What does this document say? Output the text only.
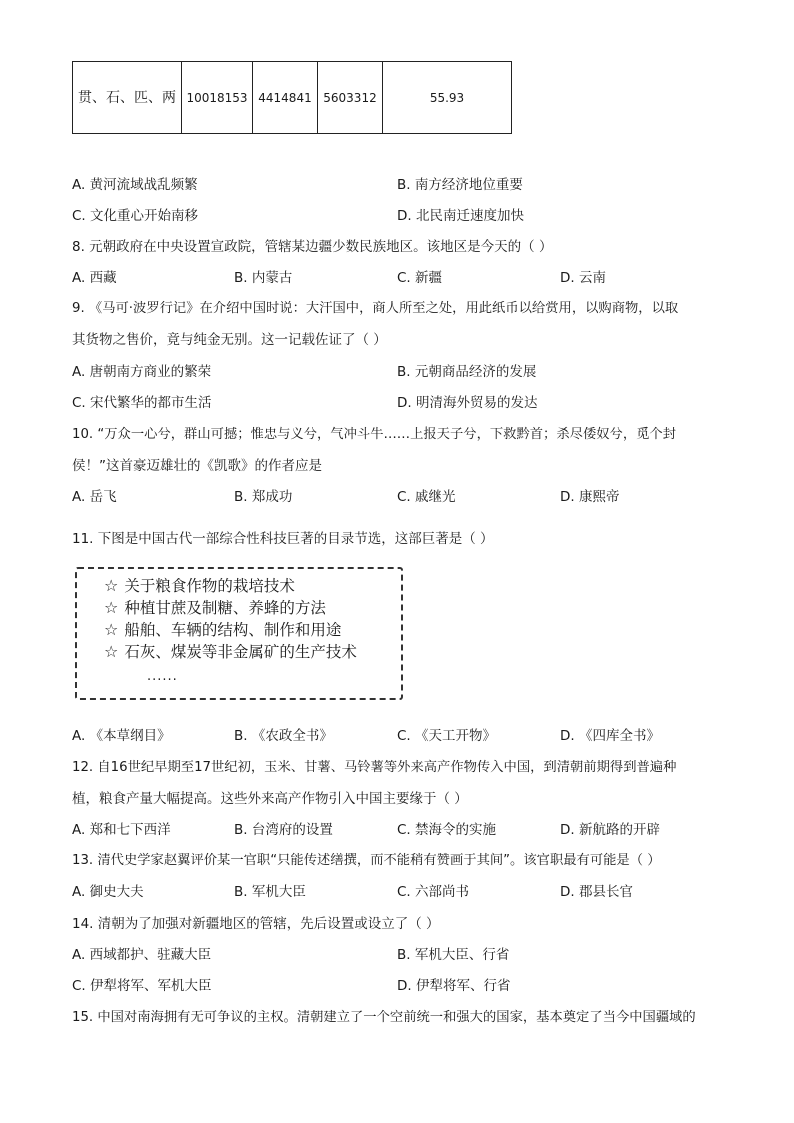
贯、石、匹、两	10018153	4414841	5603312	55.93
A. 黄河流域战乱频繁	B. 南方经济地位重要
C. 文化重心开始南移	D. 北民南迁速度加快
8. 元朝政府在中央设置宣政院，管辖某边疆少数民族地区。该地区是今天的（ ）
A. 西藏	B. 内蒙古	C. 新疆	D. 云南
9. 《马可·波罗行记》在介绍中国时说：大汗国中，商人所至之处，用此纸币以给赏用，以购商物，以取
其货物之售价，竟与纯金无别。这一记载佐证了（ ）
A. 唐朝南方商业的繁荣	B. 元朝商品经济的发展
C. 宋代繁华的都市生活	D. 明清海外贸易的发达
10. “万众一心兮，群山可撼；惟忠与义兮，气冲斗牛……上报天子兮，下救黔首；杀尽倭奴兮，觅个封
侯！”这首豪迈雄壮的《凯歌》的作者应是
A. 岳飞	B. 郑成功	C. 戚继光	D. 康熙帝
11. 下图是中国古代一部综合性科技巨著的目录节选，这部巨著是（ ）
☆ 关于粮食作物的栽培技术
☆ 种植甘蔗及制糖、养蜂的方法
☆ 船舶、车辆的结构、制作和用途
☆ 石灰、煤炭等非金属矿的生产技术
......
A. 《本草纲目》	B. 《农政全书》	C. 《天工开物》	D. 《四库全书》
12. 自16世纪早期至17世纪初，玉米、甘薯、马铃薯等外来高产作物传入中国，到清朝前期得到普遍种
植，粮食产量大幅提高。这些外来高产作物引入中国主要缘于（ ）
A. 郑和七下西洋	B. 台湾府的设置	C. 禁海令的实施	D. 新航路的开辟
13. 清代史学家赵翼评价某一官职“只能传述缮撰，而不能稍有赞画于其间”。该官职最有可能是（ ）
A. 御史大夫	B. 军机大臣	C. 六部尚书	D. 郡县长官
14. 清朝为了加强对新疆地区的管辖，先后设置或设立了（ ）
A. 西域都护、驻藏大臣	B. 军机大臣、行省
C. 伊犁将军、军机大臣	D. 伊犁将军、行省
15. 中国对南海拥有无可争议的主权。清朝建立了一个空前统一和强大的国家，基本奠定了当今中国疆域的
